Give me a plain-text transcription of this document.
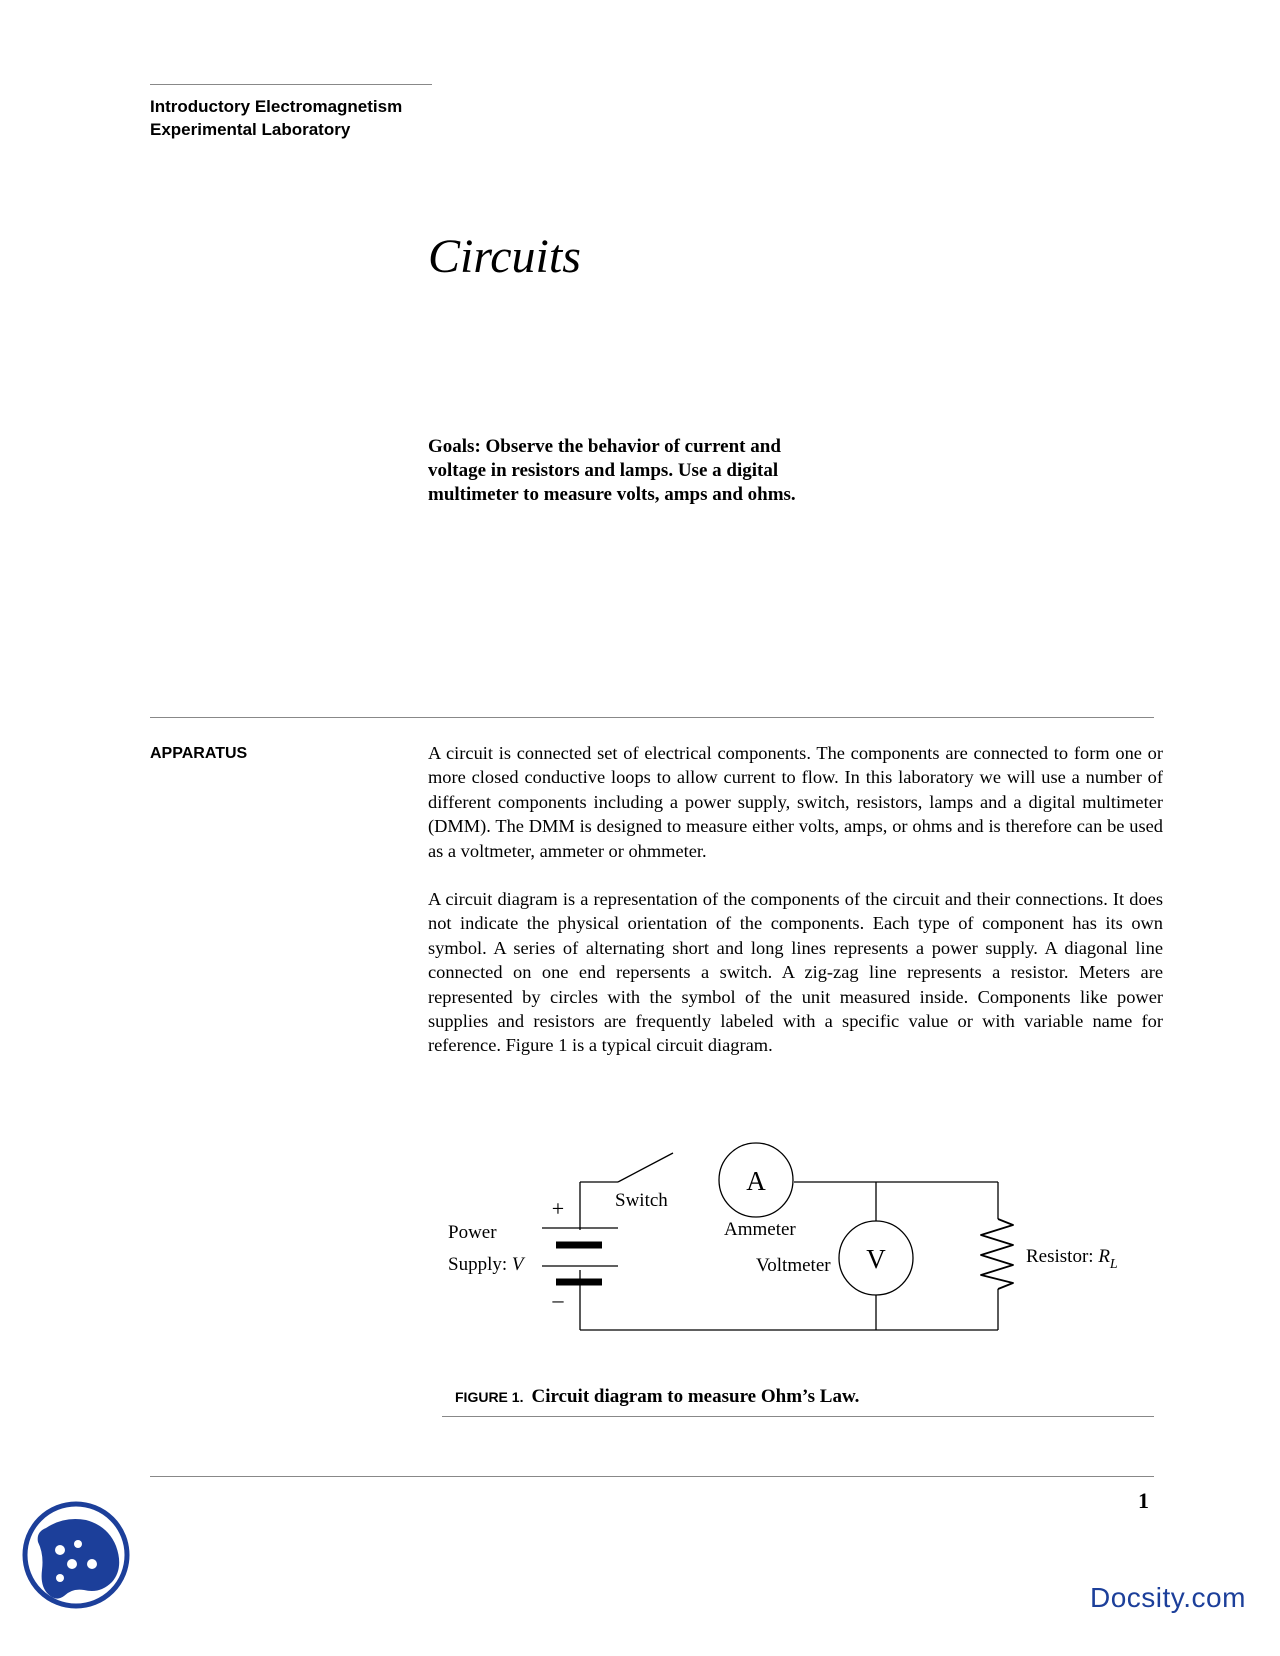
Introductory Electromagnetism
Experimental Laboratory
Circuits
Goals: Observe the behavior of current and voltage in resistors and lamps. Use a digital multimeter to measure volts, amps and ohms.
APPARATUS	A circuit is connected set of electrical components. The components are connected to form one or more closed conductive loops to allow current to flow. In this laboratory we will use a number of different components including a power supply, switch, resistors, lamps and a digital multimeter (DMM). The DMM is designed to measure either volts, amps, or ohms and is therefore can be used as a voltmeter, ammeter or ohmmeter.

A circuit diagram is a representation of the components of the circuit and their connections. It does not indicate the physical orientation of the components. Each type of component has its own symbol. A series of alternating short and long lines represents a power supply. A diagonal line connected on one end repersents a switch. A zig-zag line represents a resistor. Meters are represented by circles with the symbol of the unit measured inside. Components like power supplies and resistors are frequently labeled with a specific value or with variable name for reference. Figure 1 is a typical circuit diagram.

+
–
Power
Supply: V
Switch
A
Ammeter
V
Voltmeter	Resistor: $R_L$
FIGURE 1. Circuit diagram to measure Ohm’s Law.
1
Docsity.com
